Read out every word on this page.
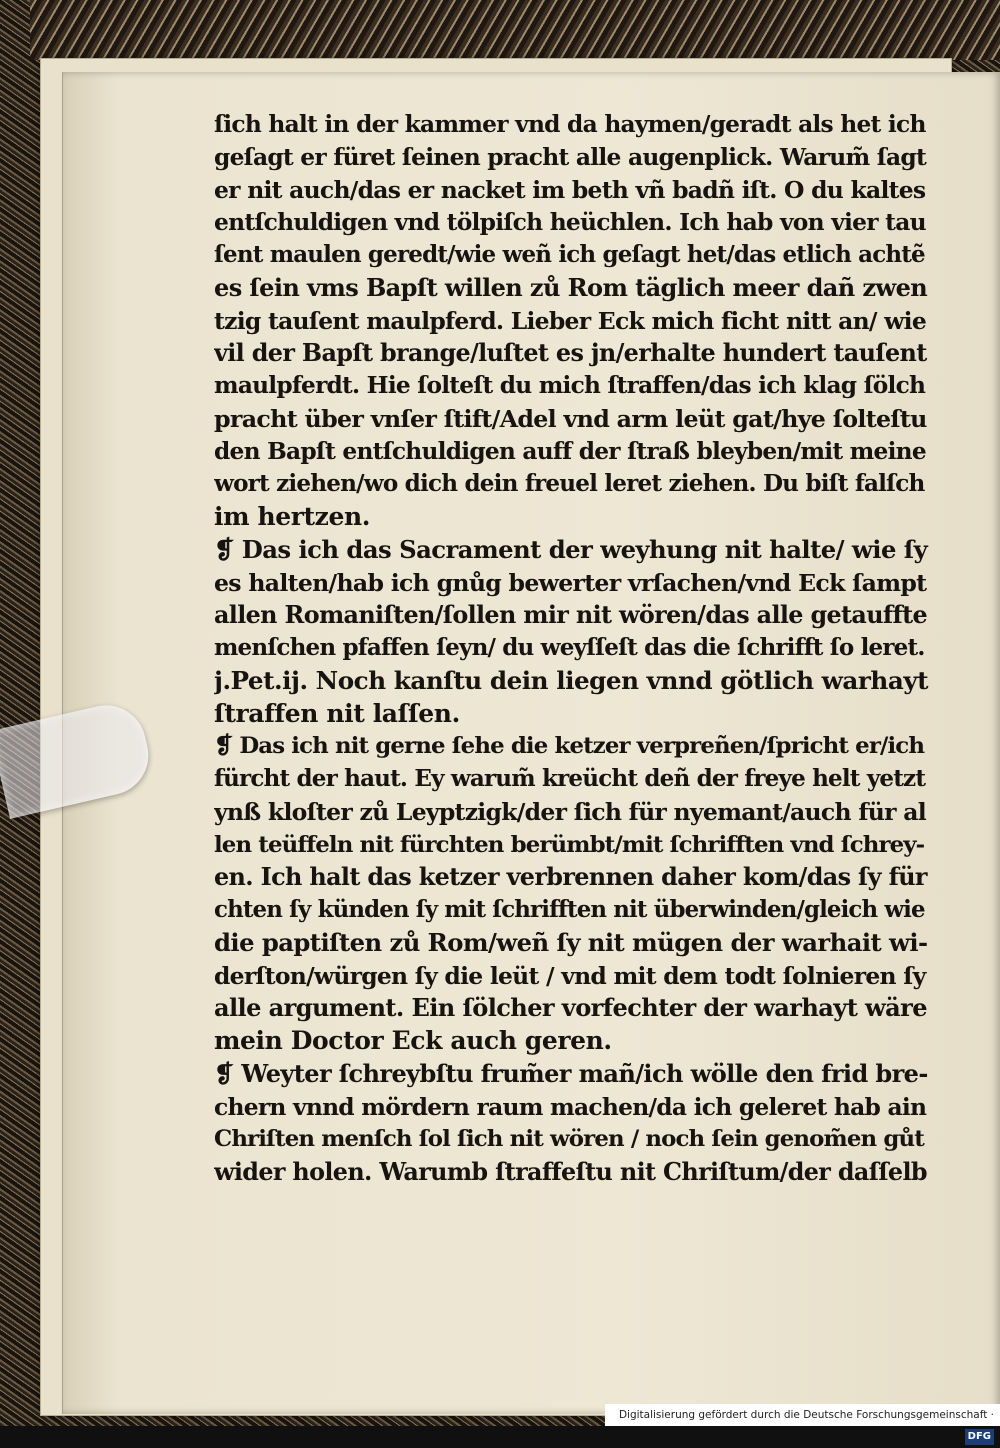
ſich halt in der kammer vnd da haymen/geradt als het ich
geſagt er füret ſeinen pracht alle augenplick. Warum̃ ſagt
er nit auch/das er nacket im beth vñ badñ iſt. O du kaltes
entſchuldigen vnd tölpiſch heüchlen. Ich hab von vier tau
ſent maulen geredt/wie weñ ich geſagt het/das etlich achtẽ
es ſein vms Bapſt willen zů Rom täglich meer dañ zwen
tzig tauſent maulpferd. Lieber Eck mich ficht nitt an/ wie
vil der Bapſt brange/luſtet es jn/erhalte hundert tauſent
maulpferdt. Hie ſolteſt du mich ſtraffen/das ich klag ſölch
pracht über vnſer ſtift/Adel vnd arm leüt gat/hye ſolteſtu
den Bapſt entſchuldigen auff der ſtraß bleyben/mit meine
wort ziehen/wo dich dein freuel leret ziehen. Du biſt falſch
im hertzen.
❡ Das ich das Sacrament der weyhung nit halte/ wie ſy
es halten/hab ich gnůg bewerter vrſachen/vnd Eck ſampt
allen Romaniſten/ſollen mir nit wören/das alle getauffte
menſchen pfaffen ſeyn/ du weyſſeſt das die ſchrifft ſo leret.
j.Pet.ij. Noch kanſtu dein liegen vnnd götlich warhayt
ſtraffen nit laſſen.
❡ Das ich nit gerne ſehe die ketzer verpreñen/ſpricht er/ich
fürcht der haut. Ey warum̃ kreücht deñ der freye helt yetzt
ynß kloſter zů Leyptzigk/der ſich für nyemant/auch für al
len teüffeln nit fürchten berümbt/mit ſchrifften vnd ſchrey-
en. Ich halt das ketzer verbrennen daher kom/das ſy für
chten ſy künden ſy mit ſchrifften nit überwinden/gleich wie
die paptiſten zů Rom/weñ ſy nit mügen der warhait wi-
derſton/würgen ſy die leüt / vnd mit dem todt ſolnieren ſy
alle argument. Ein ſölcher vorfechter der warhayt wäre
mein Doctor Eck auch geren.
❡ Weyter ſchreybſtu frum̃er mañ/ich wölle den frid bre-
chern vnnd mördern raum machen/da ich geleret hab ain
Chriſten menſch ſol ſich nit wören / noch ſein genom̃en gůt
wider holen. Warumb ſtraffeſtu nit Chriſtum/der daſſelb
Digitalisierung gefördert durch die Deutsche Forschungsgemeinschaft ·DFG
